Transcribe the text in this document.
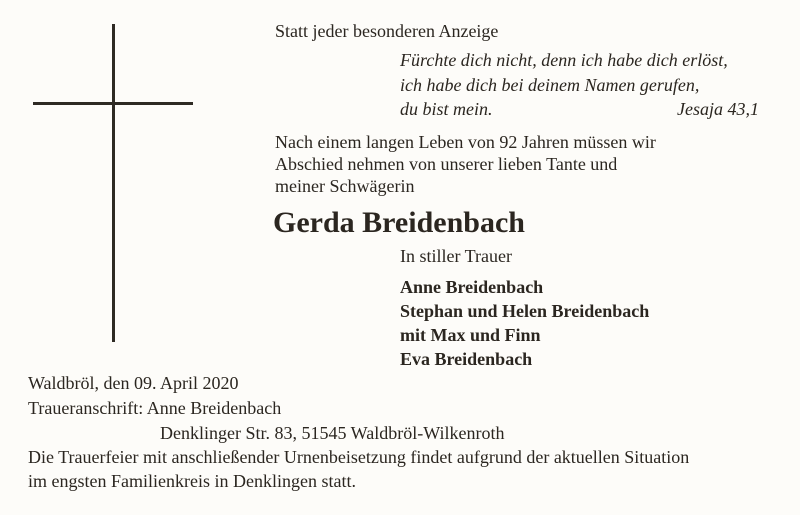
Statt jeder besonderen Anzeige
Fürchte dich nicht, denn ich habe dich erlöst,
ich habe dich bei deinem Namen gerufen,
du bist mein.	Jesaja 43,1
Nach einem langen Leben von 92 Jahren müssen wir
Abschied nehmen von unserer lieben Tante und
meiner Schwägerin
Gerda Breidenbach
In stiller Trauer
Anne Breidenbach
Stephan und Helen Breidenbach
mit Max und Finn
Eva Breidenbach
Waldbröl, den 09. April 2020
Traueranschrift: Anne Breidenbach
Denklinger Str. 83, 51545 Waldbröl-Wilkenroth
Die Trauerfeier mit anschließender Urnenbeisetzung findet aufgrund der aktuellen Situation
im engsten Familienkreis in Denklingen statt.
